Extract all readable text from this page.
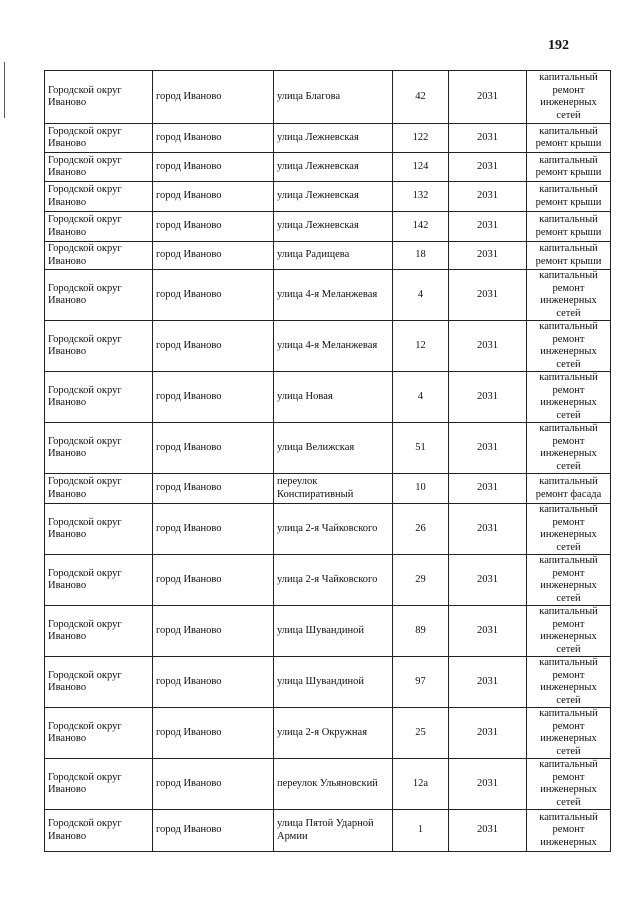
192
Городской округ Иваново	город Иваново	улица Благова	42	2031	капитальный ремонт инженерных сетей
Городской округ Иваново	город Иваново	улица Лежневская	122	2031	капитальный ремонт крыши
Городской округ Иваново	город Иваново	улица Лежневская	124	2031	капитальный ремонт крыши
Городской округ Иваново	город Иваново	улица Лежневская	132	2031	капитальный ремонт крыши
Городской округ Иваново	город Иваново	улица Лежневская	142	2031	капитальный ремонт крыши
Городской округ Иваново	город Иваново	улица Радищева	18	2031	капитальный ремонт крыши
Городской округ Иваново	город Иваново	улица 4-я Меланжевая	4	2031	капитальный ремонт инженерных сетей
Городской округ Иваново	город Иваново	улица 4-я Меланжевая	12	2031	капитальный ремонт инженерных сетей
Городской округ Иваново	город Иваново	улица Новая	4	2031	капитальный ремонт инженерных сетей
Городской округ Иваново	город Иваново	улица Велижская	51	2031	капитальный ремонт инженерных сетей
Городской округ Иваново	город Иваново	переулок Конспиративный	10	2031	капитальный ремонт фасада
Городской округ Иваново	город Иваново	улица 2-я Чайковского	26	2031	капитальный ремонт инженерных сетей
Городской округ Иваново	город Иваново	улица 2-я Чайковского	29	2031	капитальный ремонт инженерных сетей
Городской округ Иваново	город Иваново	улица Шувандиной	89	2031	капитальный ремонт инженерных сетей
Городской округ Иваново	город Иваново	улица Шувандиной	97	2031	капитальный ремонт инженерных сетей
Городской округ Иваново	город Иваново	улица 2-я Окружная	25	2031	капитальный ремонт инженерных сетей
Городской округ Иваново	город Иваново	переулок Ульяновский	12а	2031	капитальный ремонт инженерных сетей
Городской округ Иваново	город Иваново	улица Пятой Ударной Армии	1	2031	капитальный ремонт инженерных
